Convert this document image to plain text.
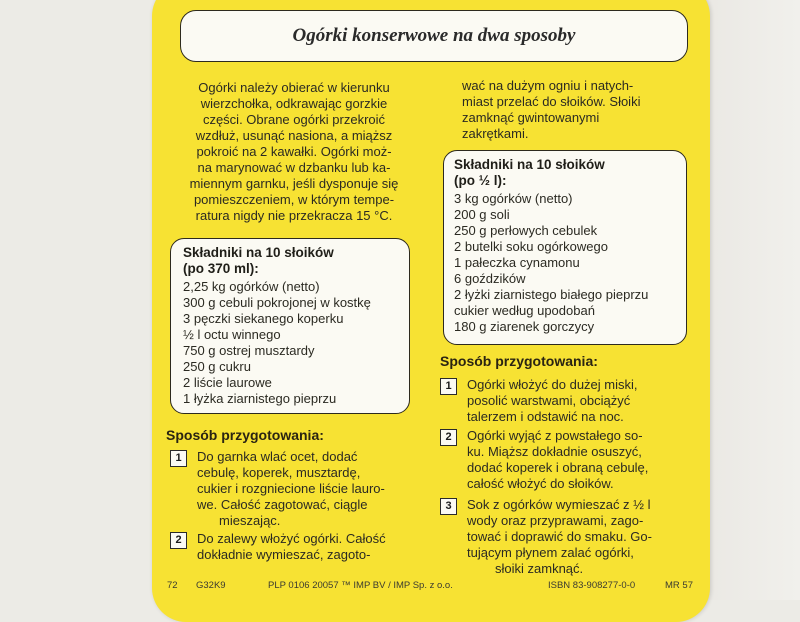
Ogórki konserwowe na dwa sposoby

Ogórki należy obierać w kierunku
wierzchołka, odkrawając gorzkie
części. Obrane ogórki przekroić
wzdłuż, usunąć nasiona, a miąższ
pokroić na 2 kawałki. Ogórki moż-
na marynować w dzbanku lub ka-
miennym garnku, jeśli dysponuje się
pomieszczeniem, w którym tempe-
ratura nigdy nie przekracza 15 °C.

wać na dużym ogniu i natych-
miast przelać do słoików. Słoiki
zamknąć gwintowanymi
zakrętkami.

Składniki na 10 słoików
(po 370 ml):
2,25 kg ogórków (netto)
300 g cebuli pokrojonej w kostkę
3 pęczki siekanego koperku
½ l octu winnego
750 g ostrej musztardy
250 g cukru
2 liście laurowe
1 łyżka ziarnistego pieprzu
Składniki na 10 słoików
(po ½ l):
3 kg ogórków (netto)
200 g soli
250 g perłowych cebulek
2 butelki soku ogórkowego
1 pałeczka cynamonu
6 goździków
2 łyżki ziarnistego białego pieprzu
cukier według upodobań
180 g ziarenek gorczycy
Sposób przygotowania:
1	Do garnka wlać ocet, dodać
cebulę, koperek, musztardę,
cukier i rozgniecione liście lauro-
we. Całość zagotować, ciągle
mieszając.
2	Do zalewy włożyć ogórki. Całość
dokładnie wymieszać, zagoto-
Sposób przygotowania:
1	Ogórki włożyć do dużej miski,
posolić warstwami, obciążyć
talerzem i odstawić na noc.
2	Ogórki wyjąć z powstałego so-
ku. Miąższ dokładnie osuszyć,
dodać koperek i obraną cebulę,
całość włożyć do słoików.
3	Sok z ogórków wymieszać z ½ l
wody oraz przyprawami, zago-
tować i doprawić do smaku. Go-
tującym płynem zalać ogórki,
słoiki zamknąć.
72 G32K9	PLP 0106 20057 ™ IMP BV / IMP Sp. z o.o.	ISBN 83-908277-0-0	MR 57
